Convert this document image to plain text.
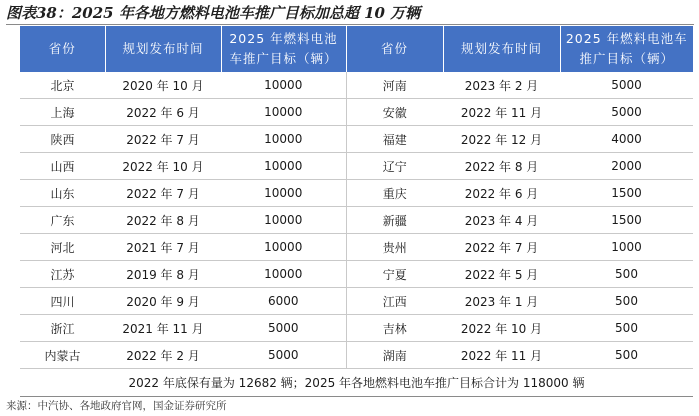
图表38：2025 年各地方燃料电池车推广目标加总超 10 万辆
省份	规划发布时间	2025 年燃料电池车推广目标（辆）	省份	规划发布时间	2025 年燃料电池车推广目标（辆）
北京	2020 年 10 月	10000	河南	2023 年 2 月	5000
上海	2022 年 6 月	10000	安徽	2022 年 11 月	5000
陕西	2022 年 7 月	10000	福建	2022 年 12 月	4000
山西	2022 年 10 月	10000	辽宁	2022 年 8 月	2000
山东	2022 年 7 月	10000	重庆	2022 年 6 月	1500
广东	2022 年 8 月	10000	新疆	2023 年 4 月	1500
河北	2021 年 7 月	10000	贵州	2022 年 7 月	1000
江苏	2019 年 8 月	10000	宁夏	2022 年 5 月	500
四川	2020 年 9 月	6000	江西	2023 年 1 月	500
浙江	2021 年 11 月	5000	吉林	2022 年 10 月	500
内蒙古	2022 年 2 月	5000	湖南	2022 年 11 月	500
2022 年底保有量为 12682 辆；2025 年各地燃料电池车推广目标合计为 118000 辆					
来源：中汽协、各地政府官网，国金证券研究所
